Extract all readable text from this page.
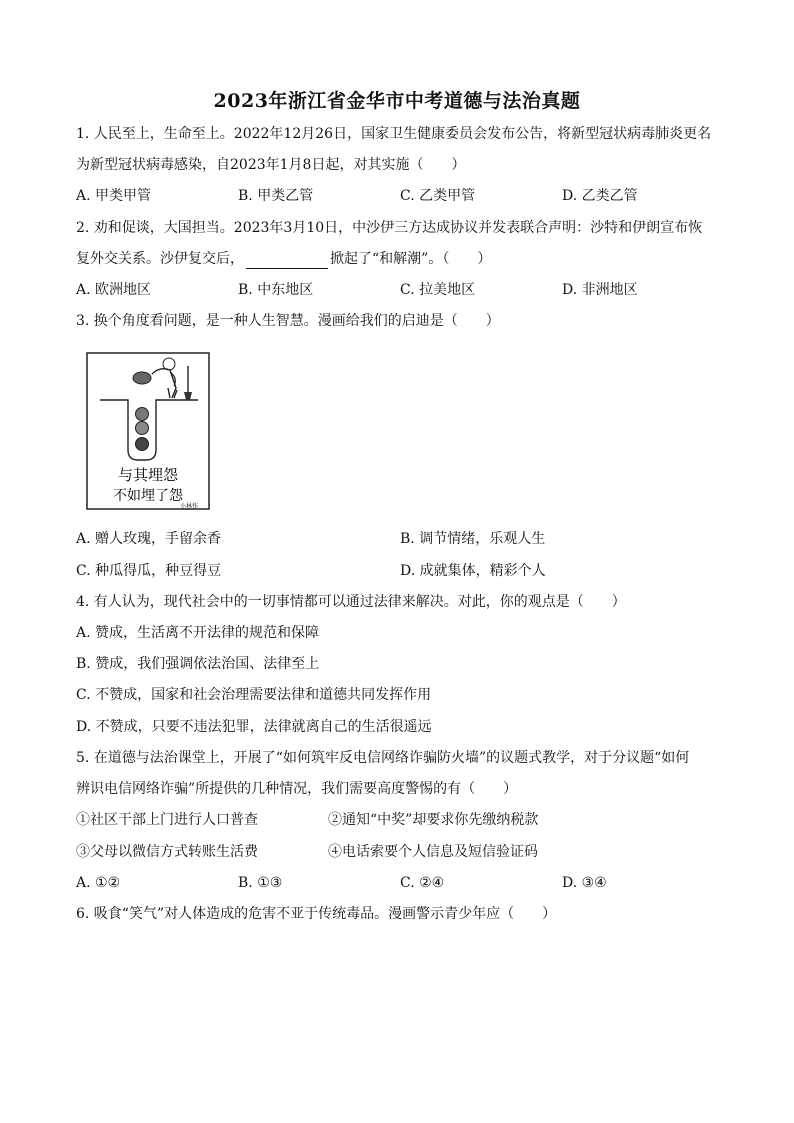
2023年浙江省金华市中考道德与法治真题
1. 人民至上，生命至上。2022年12月26日，国家卫生健康委员会发布公告，将新型冠状病毒肺炎更名
为新型冠状病毒感染，自2023年1月8日起，对其实施（　　）
A. 甲类甲管	B. 甲类乙管	C. 乙类甲管	D. 乙类乙管
2. 劝和促谈，大国担当。2023年3月10日，中沙伊三方达成协议并发表联合声明：沙特和伊朗宣布恢
复外交关系。沙伊复交后，	掀起了“和解潮”。（　　）
A. 欧洲地区	B. 中东地区	C. 拉美地区	D. 非洲地区
3. 换个角度看问题，是一种人生智慧。漫画给我们的启迪是（　　）
与其埋怨
不如埋了怨
小林作
A. 赠人玫瑰，手留余香	B. 调节情绪，乐观人生
C. 种瓜得瓜，种豆得豆	D. 成就集体，精彩个人
4. 有人认为，现代社会中的一切事情都可以通过法律来解决。对此，你的观点是（　　）
A. 赞成，生活离不开法律的规范和保障
B. 赞成，我们强调依法治国、法律至上
C. 不赞成，国家和社会治理需要法律和道德共同发挥作用
D. 不赞成，只要不违法犯罪，法律就离自己的生活很遥远
5. 在道德与法治课堂上，开展了“如何筑牢反电信网络诈骗防火墙”的议题式教学，对于分议题“如何
辨识电信网络诈骗”所提供的几种情况，我们需要高度警惕的有（　　）
①社区干部上门进行人口普查	②通知“中奖”却要求你先缴纳税款
③父母以微信方式转账生活费	④电话索要个人信息及短信验证码
A. ①②	B. ①③	C. ②④	D. ③④
6. 吸食“笑气”对人体造成的危害不亚于传统毒品。漫画警示青少年应（　　）
